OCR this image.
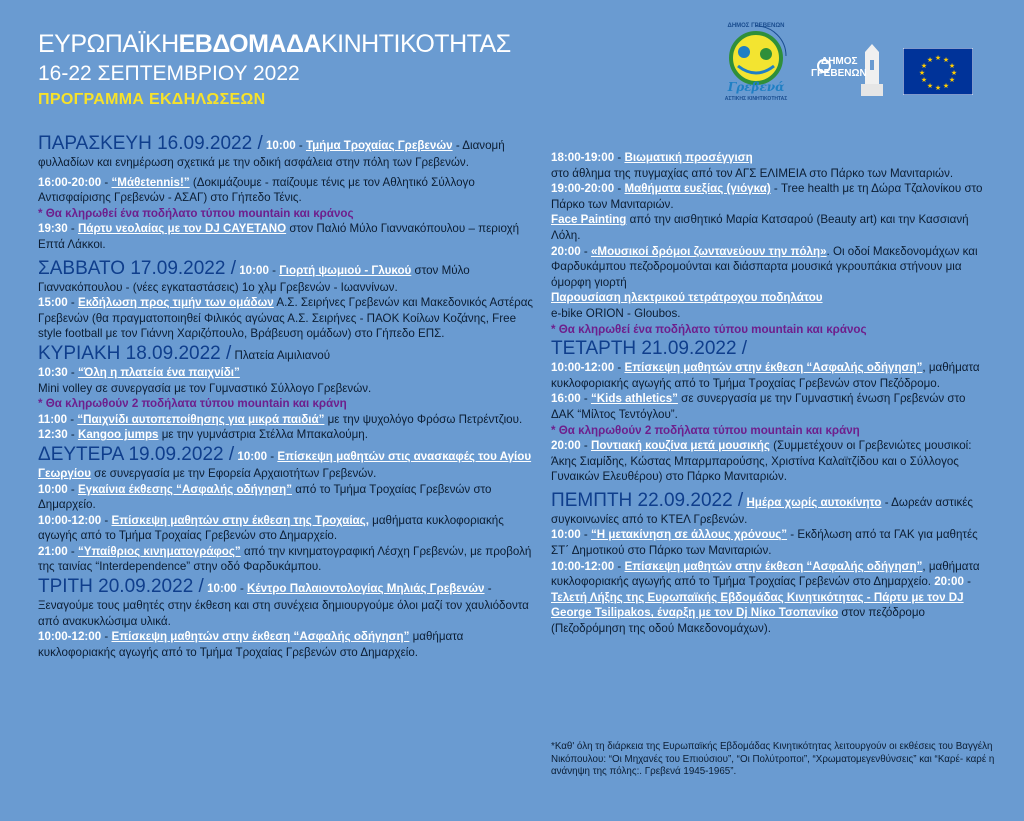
ΕΥΡΩΠΑΪΚΗΕΒΔΟΜΑΔΑΚΙΝΗΤΙΚΟΤΗΤΑΣ
16-22 ΣΕΠΤΕΜΒΡΙΟΥ 2022
ΠΡΟΓΡΑΜΜΑ ΕΚΔΗΛΩΣΕΩΝ
ΔΗΜΟΣ ΓΡΕΒΕΝΩΝ
Γρεβενά
ΑΣΤΙΚΗΣ ΚΙΝΗΤΙΚΟΤΗΤΑΣ
ΔΗΜΟΣ
ΓΡΕΒΕΝΩΝ
★ ★
★
★
★
★
★
★
★
★
★
★

ΠΑΡΑΣΚΕΥΗ 16.09.2022 / 10:00 - Τμήμα Τροχαίας Γρεβενών - Διανομή φυλλαδίων και ενημέρωση σχετικά με την οδική ασφάλεια στην πόλη των Γρεβενών.

16:00-20:00 - “Μάθεtennis!” (Δοκιμάζουμε - παίζουμε τένις με τον Αθλητικό Σύλλογο Αντισφαίρισης Γρεβενών - ΑΣΑΓ) στο Γήπεδο Τένις.

* Θα κληρωθεί ένα ποδήλατο τύπου mountain και κράνος

19:30 - Πάρτυ νεολαίας με τον DJ CAYETANO στον Παλιό Μύλο Γιαννακόπουλου – περιοχή Επτά Λάκκοι.

ΣΑΒΒΑΤΟ 17.09.2022 / 10:00 - Γιορτή ψωμιού - Γλυκού στον Μύλο Γιαννακόπουλου - (νέες εγκαταστάσεις) 1ο χλμ Γρεβενών - Ιωαννίνων.

15:00 - Εκδήλωση προς τιμήν των ομάδων Α.Σ. Σειρήνες Γρεβενών και Μακεδονικός Αστέρας Γρεβενών (θα πραγματοποιηθεί Φιλικός αγώνας Α.Σ. Σειρήνες - ΠΑΟΚ Κοίλων Κοζάνης, Free style football με τον Γιάννη Χαριζόπουλο, Βράβευση ομάδων) στο Γήπεδο ΕΠΣ.

ΚΥΡΙΑΚΗ 18.09.2022 / Πλατεία Αιμιλιανού

10:30 - “Όλη η πλατεία ένα παιχνίδι”
Mini volley σε συνεργασία με τον Γυμναστικό Σύλλογο Γρεβενών.

* Θα κληρωθούν 2 ποδήλατα τύπου mountain και κράνη

11:00 - “Παιχνίδι αυτοπεποίθησης για μικρά παιδιά” με την ψυχολόγο Φρόσω Πετρέντζιου.

12:30 - Kangoo jumps με την γυμνάστρια Στέλλα Μπακαλούμη.

ΔΕΥΤΕΡΑ 19.09.2022 / 10:00 - Επίσκεψη μαθητών στις ανασκαφές του Αγίου Γεωργίου σε συνεργασία με την Εφορεία Αρχαιοτήτων Γρεβενών.

10:00 - Εγκαίνια έκθεσης “Ασφαλής οδήγηση” από το Τμήμα Τροχαίας Γρεβενών στο Δημαρχείο.

10:00-12:00 - Επίσκεψη μαθητών στην έκθεση της Τροχαίας, μαθήματα κυκλοφοριακής αγωγής από το Τμήμα Τροχαίας Γρεβενών στο Δημαρχείο.

21:00 - “Υπαίθριος κινηματογράφος” από την κινηματογραφική Λέσχη Γρεβενών, με προβολή της ταινίας “Interdependence” στην οδό Φαρδυκάμπου.

ΤΡΙΤΗ 20.09.2022 / 10:00 - Κέντρο Παλαιοντολογίας Μηλιάς Γρεβενών - Ξεναγούμε τους μαθητές στην έκθεση και στη συνέχεια δημιουργούμε όλοι μαζί τον χαυλιόδοντα από ανακυκλώσιμα υλικά.

10:00-12:00 - Επίσκεψη μαθητών στην έκθεση “Ασφαλής οδήγηση” μαθήματα κυκλοφοριακής αγωγής από το Τμήμα Τροχαίας Γρεβενών στο Δημαρχείο.

18:00-19:00 - Βιωματική προσέγγιση
στο άθλημα της πυγμαχίας από τον ΑΓΣ ΕΛΙΜΕΙΑ στο Πάρκο των Μανιταριών.

19:00-20:00 - Μαθήματα ευεξίας (γιόγκα) - Tree health με τη Δώρα Τζαλονίκου στο Πάρκο των Μανιταριών.

Face Painting από την αισθητικό Μαρία Κατσαρού (Beauty art) και την Κασσιανή Λόλη.

20:00 - «Μουσικοί δρόμοι ζωντανεύουν την πόλη». Οι οδοί Μακεδονομάχων και Φαρδυκάμπου πεζοδρομούνται και διάσπαρτα μουσικά γκρουπάκια στήνουν μια όμορφη γιορτή

Παρουσίαση ηλεκτρικού τετράτροχου ποδηλάτου
e-bike ORION - Gloubos.

* Θα κληρωθεί ένα ποδήλατο τύπου mountain και κράνος

ΤΕΤΑΡΤΗ 21.09.2022 /
10:00-12:00 - Επίσκεψη μαθητών στην έκθεση “Ασφαλής οδήγηση”, μαθήματα κυκλοφοριακής αγωγής από το Τμήμα Τροχαίας Γρεβενών στον Πεζόδρομο.

16:00 - “Kids athletics” σε συνεργασία με την Γυμναστική ένωση Γρεβενών στο ΔΑΚ “Μίλτος Τεντόγλου”.

* Θα κληρωθούν 2 ποδήλατα τύπου mountain και κράνη

20:00 - Ποντιακή κουζίνα μετά μουσικής (Συμμετέχουν οι Γρεβενιώτες μουσικοί: Άκης Σιαμίδης, Κώστας Μπαρμπαρούσης, Χριστίνα Καλαϊτζίδου και ο Σύλλογος Γυναικών Ελευθέρου) στο Πάρκο Μανιταριών.

ΠΕΜΠΤΗ 22.09.2022 / Ημέρα χωρίς αυτοκίνητο - Δωρεάν αστικές συγκοινωνίες από το ΚΤΕΛ Γρεβενών.

10:00 - “Η μετακίνηση σε άλλους χρόνους” - Εκδήλωση από τα ΓΑΚ για μαθητές ΣΤ΄ Δημοτικού στο Πάρκο των Μανιταριών.

10:00-12:00 - Επίσκεψη μαθητών στην έκθεση “Ασφαλής οδήγηση”, μαθήματα κυκλοφοριακής αγωγής από το Τμήμα Τροχαίας Γρεβενών στο Δημαρχείο. 20:00 - Τελετή Λήξης της Ευρωπαϊκής Εβδομάδας Κινητικότητας - Πάρτυ με τον DJ George Tsilipakos, έναρξη με τον Dj Νίκο Τσοπανίκο στον πεζόδρομο (Πεζοδρόμηση της οδού Μακεδονομάχων).

*Καθ' όλη τη διάρκεια της Ευρωπαϊκής Εβδομάδας Κινητικότητας λειτουργούν οι εκθέσεις του Βαγγέλη Νικόπουλου: “Οι Μηχανές του Επιούσιου”, “Οι Πολύτροποι”, “Χρωματομεγενθύνσεις” και “Καρέ- καρέ η ανάνηψη της πόλης:. Γρεβενά 1945-1965”.
